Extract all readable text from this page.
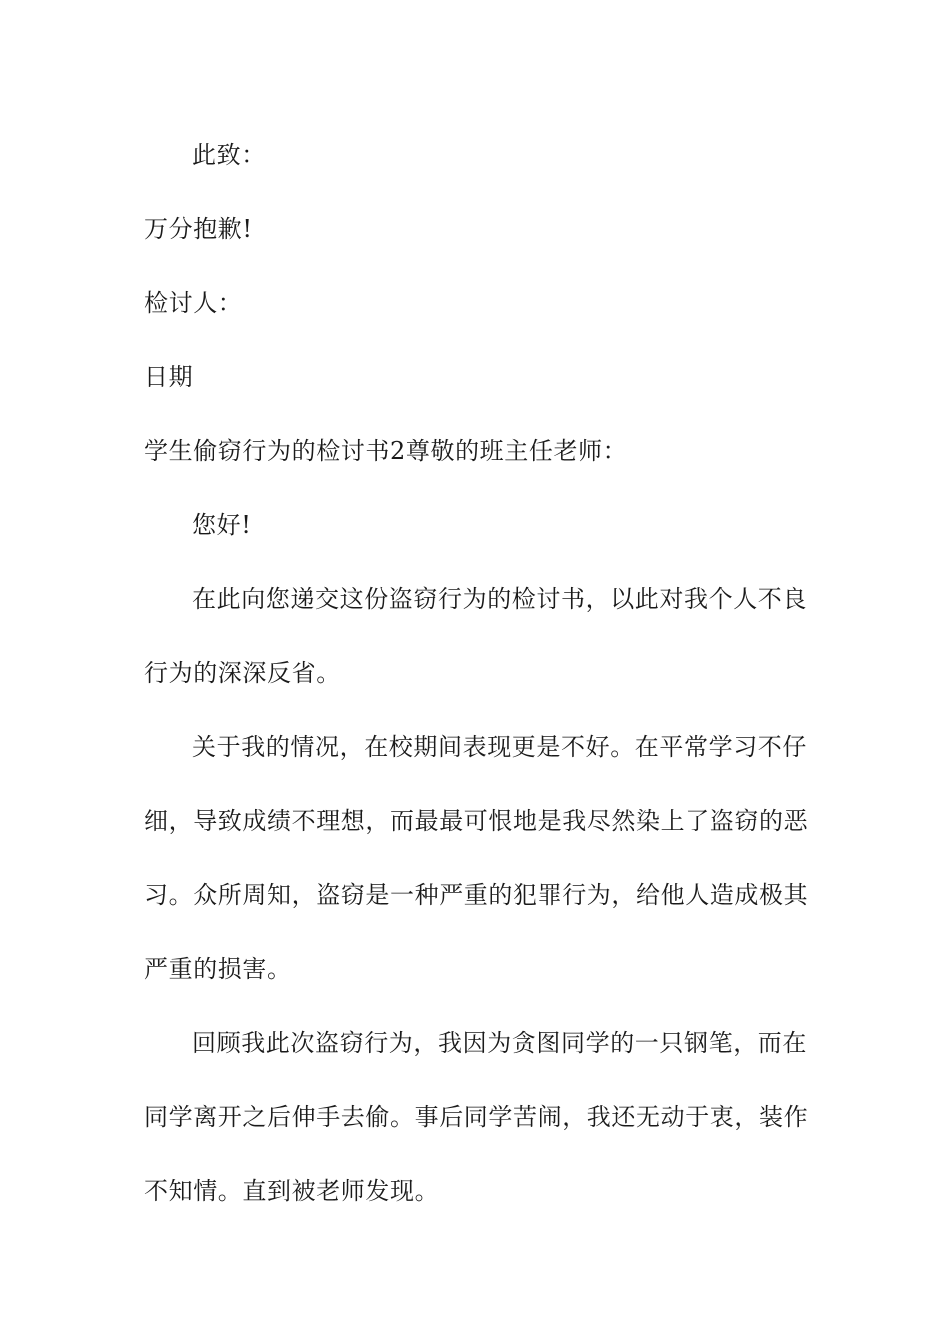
此致：

万分抱歉!

检讨人：

日期

学生偷窃行为的检讨书2尊敬的班主任老师：

您好!

在此向您递交这份盗窃行为的检讨书，以此对我个人不良

行为的深深反省。

关于我的情况，在校期间表现更是不好。在平常学习不仔

细，导致成绩不理想，而最最可恨地是我尽然染上了盗窃的恶

习。众所周知，盗窃是一种严重的犯罪行为，给他人造成极其

严重的损害。

回顾我此次盗窃行为，我因为贪图同学的一只钢笔，而在

同学离开之后伸手去偷。事后同学苦闹，我还无动于衷，装作

不知情。直到被老师发现。
